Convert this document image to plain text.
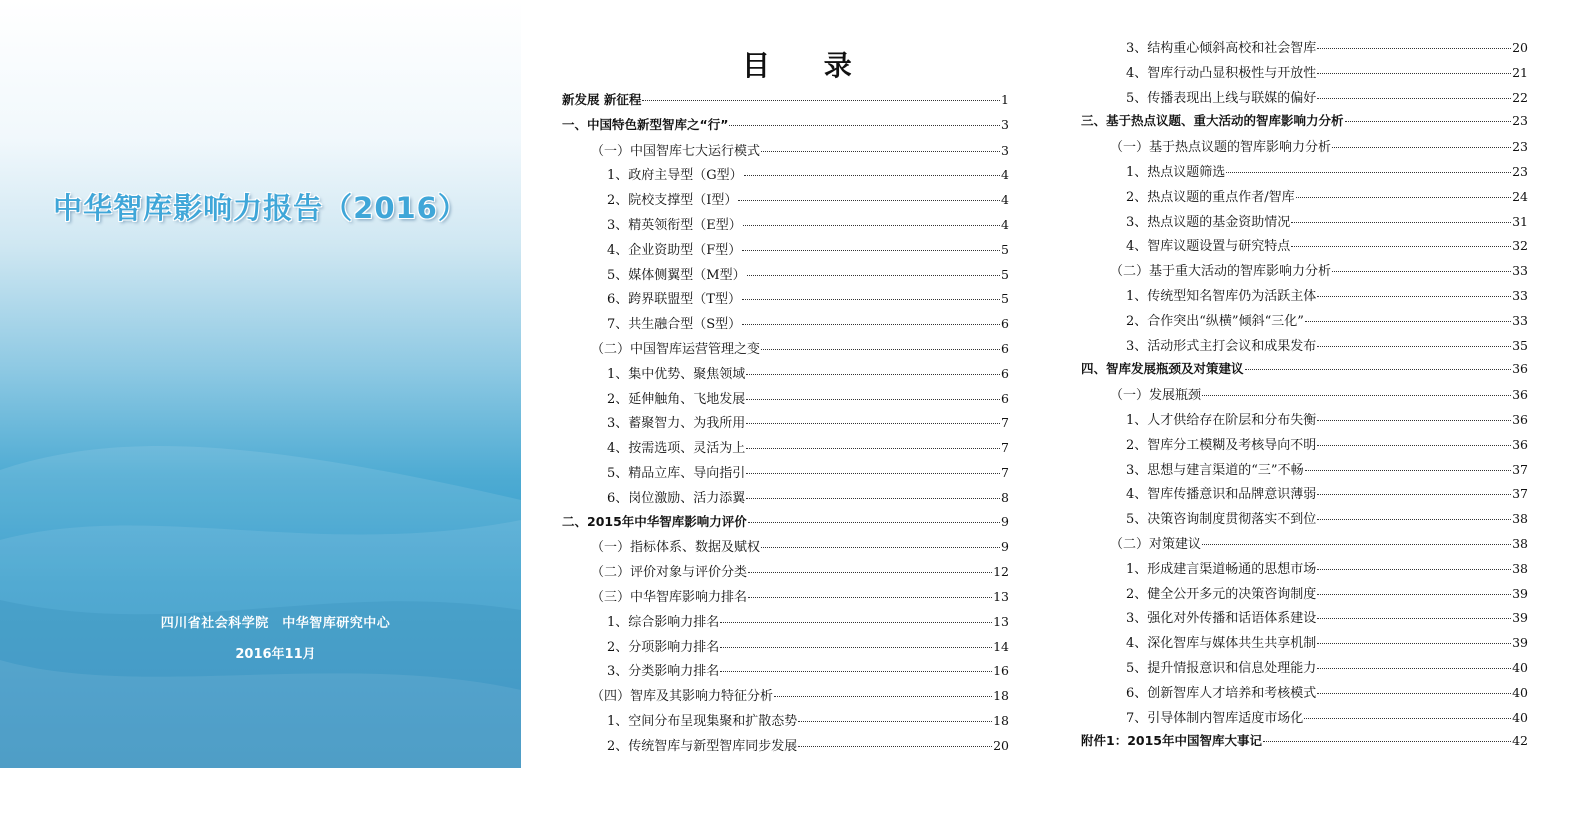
中华智库影响力报告（2016）
四川省社会科学院　中华智库研究中心
2016年11月
目 录
新发展 新征程	1
一、中国特色新型智库之“行”	3
（一）中国智库七大运行模式	3
1、政府主导型（G型）	4
2、院校支撑型（I型）	4
3、精英领衔型（E型）	4
4、企业资助型（F型）	5
5、媒体侧翼型（M型）	5
6、跨界联盟型（T型）	5
7、共生融合型（S型）	6
（二）中国智库运营管理之变	6
1、集中优势、聚焦领域	6
2、延伸触角、飞地发展	6
3、蓄聚智力、为我所用	7
4、按需选项、灵活为上	7
5、精品立库、导向指引	7
6、岗位激励、活力添翼	8
二、2015年中华智库影响力评价	9
（一）指标体系、数据及赋权	9
（二）评价对象与评价分类	12
（三）中华智库影响力排名	13
1、综合影响力排名	13
2、分项影响力排名	14
3、分类影响力排名	16
（四）智库及其影响力特征分析	18
1、空间分布呈现集聚和扩散态势	18
2、传统智库与新型智库同步发展	20
3、结构重心倾斜高校和社会智库	20
4、智库行动凸显积极性与开放性	21
5、传播表现出上线与联媒的偏好	22
三、基于热点议题、重大活动的智库影响力分析	23
（一）基于热点议题的智库影响力分析	23
1、热点议题筛选	23
2、热点议题的重点作者/智库	24
3、热点议题的基金资助情况	31
4、智库议题设置与研究特点	32
（二）基于重大活动的智库影响力分析	33
1、传统型知名智库仍为活跃主体	33
2、合作突出“纵横”倾斜“三化”	33
3、活动形式主打会议和成果发布	35
四、智库发展瓶颈及对策建议	36
（一）发展瓶颈	36
1、人才供给存在阶层和分布失衡	36
2、智库分工模糊及考核导向不明	36
3、思想与建言渠道的“三”不畅	37
4、智库传播意识和品牌意识薄弱	37
5、决策咨询制度贯彻落实不到位	38
（二）对策建议	38
1、形成建言渠道畅通的思想市场	38
2、健全公开多元的决策咨询制度	39
3、强化对外传播和话语体系建设	39
4、深化智库与媒体共生共享机制	39
5、提升情报意识和信息处理能力	40
6、创新智库人才培养和考核模式	40
7、引导体制内智库适度市场化	40
附件1：2015年中国智库大事记	42
